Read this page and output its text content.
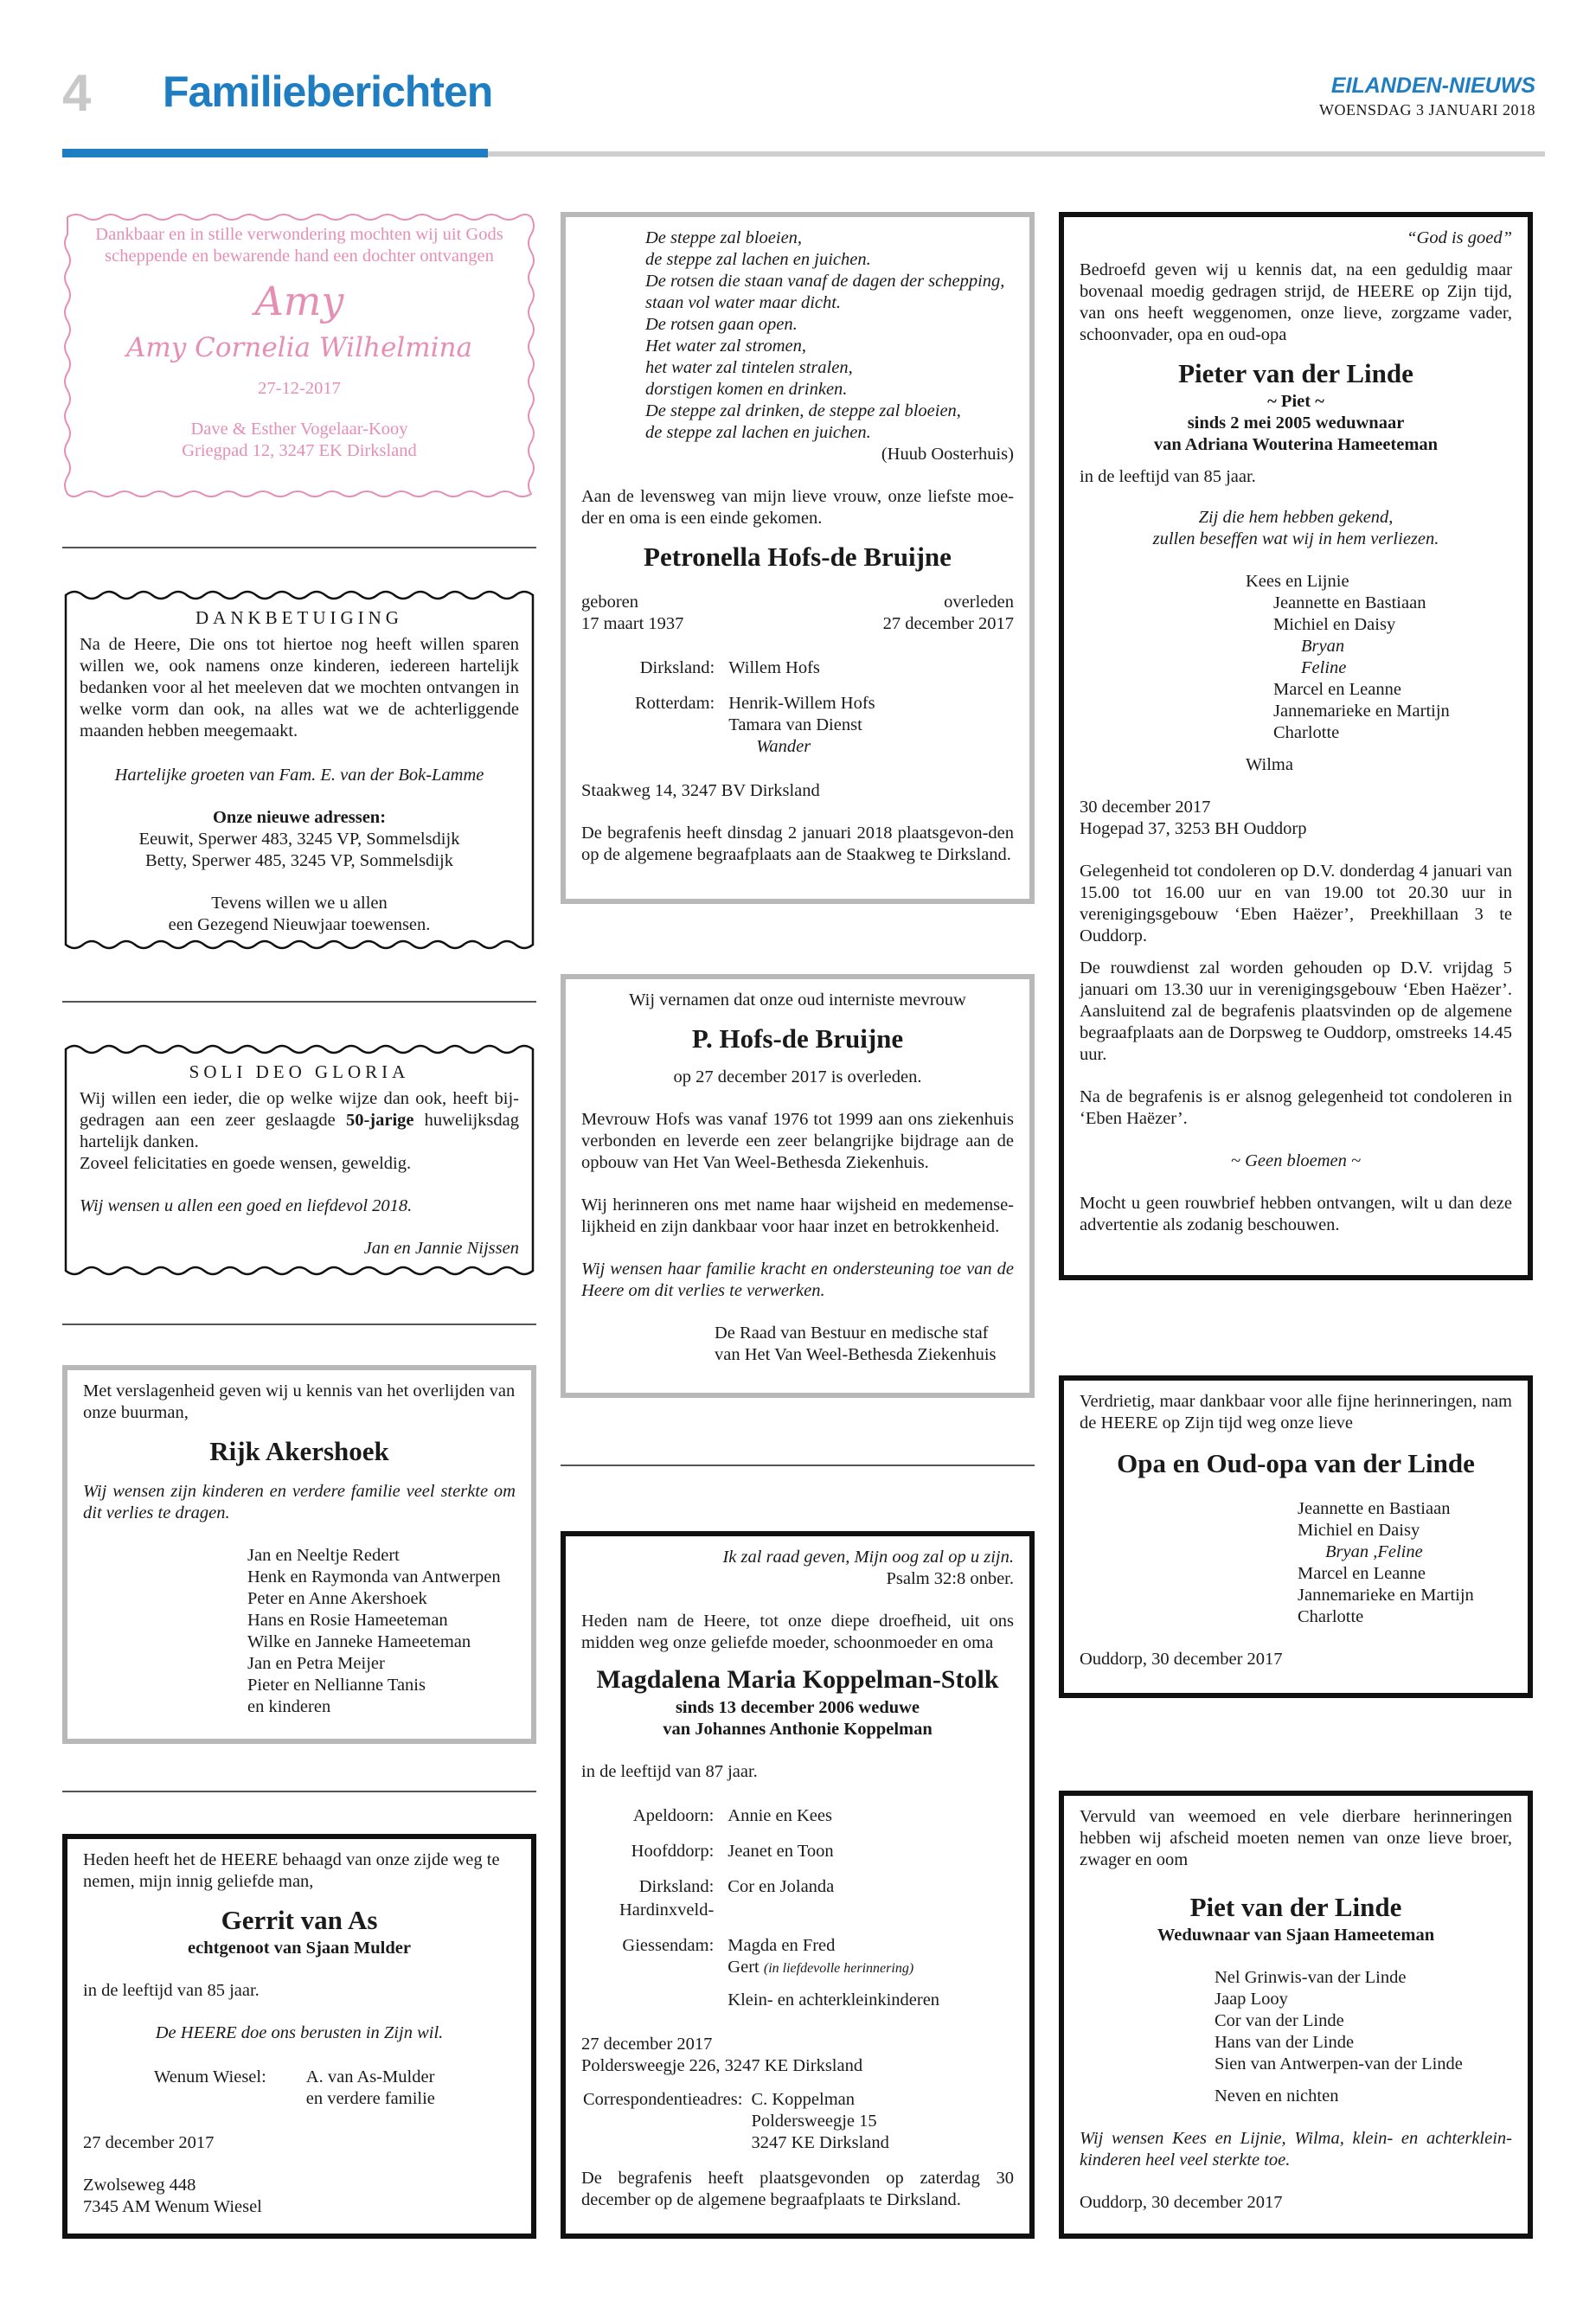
4 Familieberichten	EILANDEN-NIEUWS
WOENSDAG 3 JANUARI 2018
Dankbaar en in stille verwondering mochten wij uit Gods scheppende en bewarende hand een dochter ontvangen
Amy
Amy Cornelia Wilhelmina
27-12-2017
Dave & Esther Vogelaar-Kooy
Griegpad 12, 3247 EK Dirksland
DANKBETUIGING
Na de Heere, Die ons tot hiertoe nog heeft willen sparen willen we, ook namens onze kinderen, iedereen hartelijk bedanken voor al het meeleven dat we mochten ontvangen in welke vorm dan ook, na alles wat we de achterliggende maanden hebben meegemaakt.
Hartelijke groeten van Fam. E. van der Bok-Lamme
Onze nieuwe adressen:
Eeuwit, Sperwer 483, 3245 VP, Sommelsdijk
Betty, Sperwer 485, 3245 VP, Sommelsdijk
Tevens willen we u allen
een Gezegend Nieuwjaar toewensen.
SOLI DEO GLORIA
Wij willen een ieder, die op welke wijze dan ook, heeft bij-gedragen aan een zeer geslaagde 50-jarige huwelijksdag hartelijk danken.
Zoveel felicitaties en goede wensen, geweldig.
Wij wensen u allen een goed en liefdevol 2018.
Jan en Jannie Nijssen
Met verslagenheid geven wij u kennis van het overlijden van onze buurman,
Rijk Akershoek
Wij wensen zijn kinderen en verdere familie veel sterkte om dit verlies te dragen.
Jan en Neeltje Redert
Henk en Raymonda van Antwerpen
Peter en Anne Akershoek
Hans en Rosie Hameeteman
Wilke en Janneke Hameeteman
Jan en Petra Meijer
Pieter en Nellianne Tanis
en kinderen
Heden heeft het de HEERE behaagd van onze zijde weg te nemen, mijn innig geliefde man,
Gerrit van As
echtgenoot van Sjaan Mulder
in de leeftijd van 85 jaar.
De HEERE doe ons berusten in Zijn wil.
Wenum Wiesel:	A. van As-Mulder
en verdere familie
27 december 2017
Zwolseweg 448
7345 AM Wenum Wiesel
De steppe zal bloeien,
de steppe zal lachen en juichen.
De rotsen die staan vanaf de dagen der schepping,
staan vol water maar dicht.
De rotsen gaan open.
Het water zal stromen,
het water zal tintelen stralen,
dorstigen komen en drinken.
De steppe zal drinken, de steppe zal bloeien,
de steppe zal lachen en juichen.
(Huub Oosterhuis)
Aan de levensweg van mijn lieve vrouw, onze liefste moe-der en oma is een einde gekomen.
Petronella Hofs-de Bruijne
geboren
17 maart 1937
overleden
27 december 2017
Dirksland:	Willem Hofs

Rotterdam:	Henrik-Willem Hofs
Tamara van Dienst
Wander
Staakweg 14, 3247 BV Dirksland
De begrafenis heeft dinsdag 2 januari 2018 plaatsgevon-den op de algemene begraafplaats aan de Staakweg te Dirksland.
Wij vernamen dat onze oud interniste mevrouw
P. Hofs-de Bruijne
op 27 december 2017 is overleden.
Mevrouw Hofs was vanaf 1976 tot 1999 aan ons ziekenhuis verbonden en leverde een zeer belangrijke bijdrage aan de opbouw van Het Van Weel-Bethesda Ziekenhuis.
Wij herinneren ons met name haar wijsheid en medemense-lijkheid en zijn dankbaar voor haar inzet en betrokkenheid.
Wij wensen haar familie kracht en ondersteuning toe van de Heere om dit verlies te verwerken.
De Raad van Bestuur en medische staf
van Het Van Weel-Bethesda Ziekenhuis
Ik zal raad geven, Mijn oog zal op u zijn.
Psalm 32:8 onber.
Heden nam de Heere, tot onze diepe droefheid, uit ons midden weg onze geliefde moeder, schoonmoeder en oma
Magdalena Maria Koppelman-Stolk
sinds 13 december 2006 weduwe
van Johannes Anthonie Koppelman
in de leeftijd van 87 jaar.
Apeldoorn:	Annie en Kees

Hoofddorp:	Jeanet en Toon

Dirksland:	Cor en Jolanda
Hardinxveld-	

Giessendam:	Magda en Fred
Gert (in liefdevolle herinnering)
Klein- en achterkleinkinderen
27 december 2017
Poldersweegje 226, 3247 KE Dirksland
Correspondentieadres:	C. Koppelman
Poldersweegje 15
3247 KE Dirksland
De begrafenis heeft plaatsgevonden op zaterdag 30 december op de algemene begraafplaats te Dirksland.
“God is goed”
Bedroefd geven wij u kennis dat, na een geduldig maar bovenaal moedig gedragen strijd, de HEERE op Zijn tijd, van ons heeft weggenomen, onze lieve, zorgzame vader, schoonvader, opa en oud-opa
Pieter van der Linde
~ Piet ~
sinds 2 mei 2005 weduwnaar
van Adriana Wouterina Hameeteman
in de leeftijd van 85 jaar.
Zij die hem hebben gekend,
zullen beseffen wat wij in hem verliezen.
Kees en Lijnie
Jeannette en Bastiaan
Michiel en Daisy
Bryan
Feline
Marcel en Leanne
Jannemarieke en Martijn
Charlotte
Wilma
30 december 2017
Hogepad 37, 3253 BH Ouddorp
Gelegenheid tot condoleren op D.V. donderdag 4 januari van 15.00 tot 16.00 uur en van 19.00 tot 20.30 uur in verenigingsgebouw ‘Eben Haëzer’, Preekhillaan 3 te Ouddorp.
De rouwdienst zal worden gehouden op D.V. vrijdag 5 januari om 13.30 uur in verenigingsgebouw ‘Eben Haëzer’. Aansluitend zal de begrafenis plaatsvinden op de algemene begraafplaats aan de Dorpsweg te Ouddorp, omstreeks 14.45 uur.
Na de begrafenis is er alsnog gelegenheid tot condoleren in ‘Eben Haëzer’.
~ Geen bloemen ~
Mocht u geen rouwbrief hebben ontvangen, wilt u dan deze advertentie als zodanig beschouwen.
Verdrietig, maar dankbaar voor alle fijne herinneringen, nam de HEERE op Zijn tijd weg onze lieve
Opa en Oud-opa van der Linde
Jeannette en Bastiaan
Michiel en Daisy
Bryan ,Feline
Marcel en Leanne
Jannemarieke en Martijn
Charlotte
Ouddorp, 30 december 2017
Vervuld van weemoed en vele dierbare herinneringen hebben wij afscheid moeten nemen van onze lieve broer, zwager en oom
Piet van der Linde
Weduwnaar van Sjaan Hameeteman
Nel Grinwis-van der Linde
Jaap Looy
Cor van der Linde
Hans van der Linde
Sien van Antwerpen-van der Linde
Neven en nichten
Wij wensen Kees en Lijnie, Wilma, klein- en achterklein-kinderen heel veel sterkte toe.
Ouddorp, 30 december 2017
